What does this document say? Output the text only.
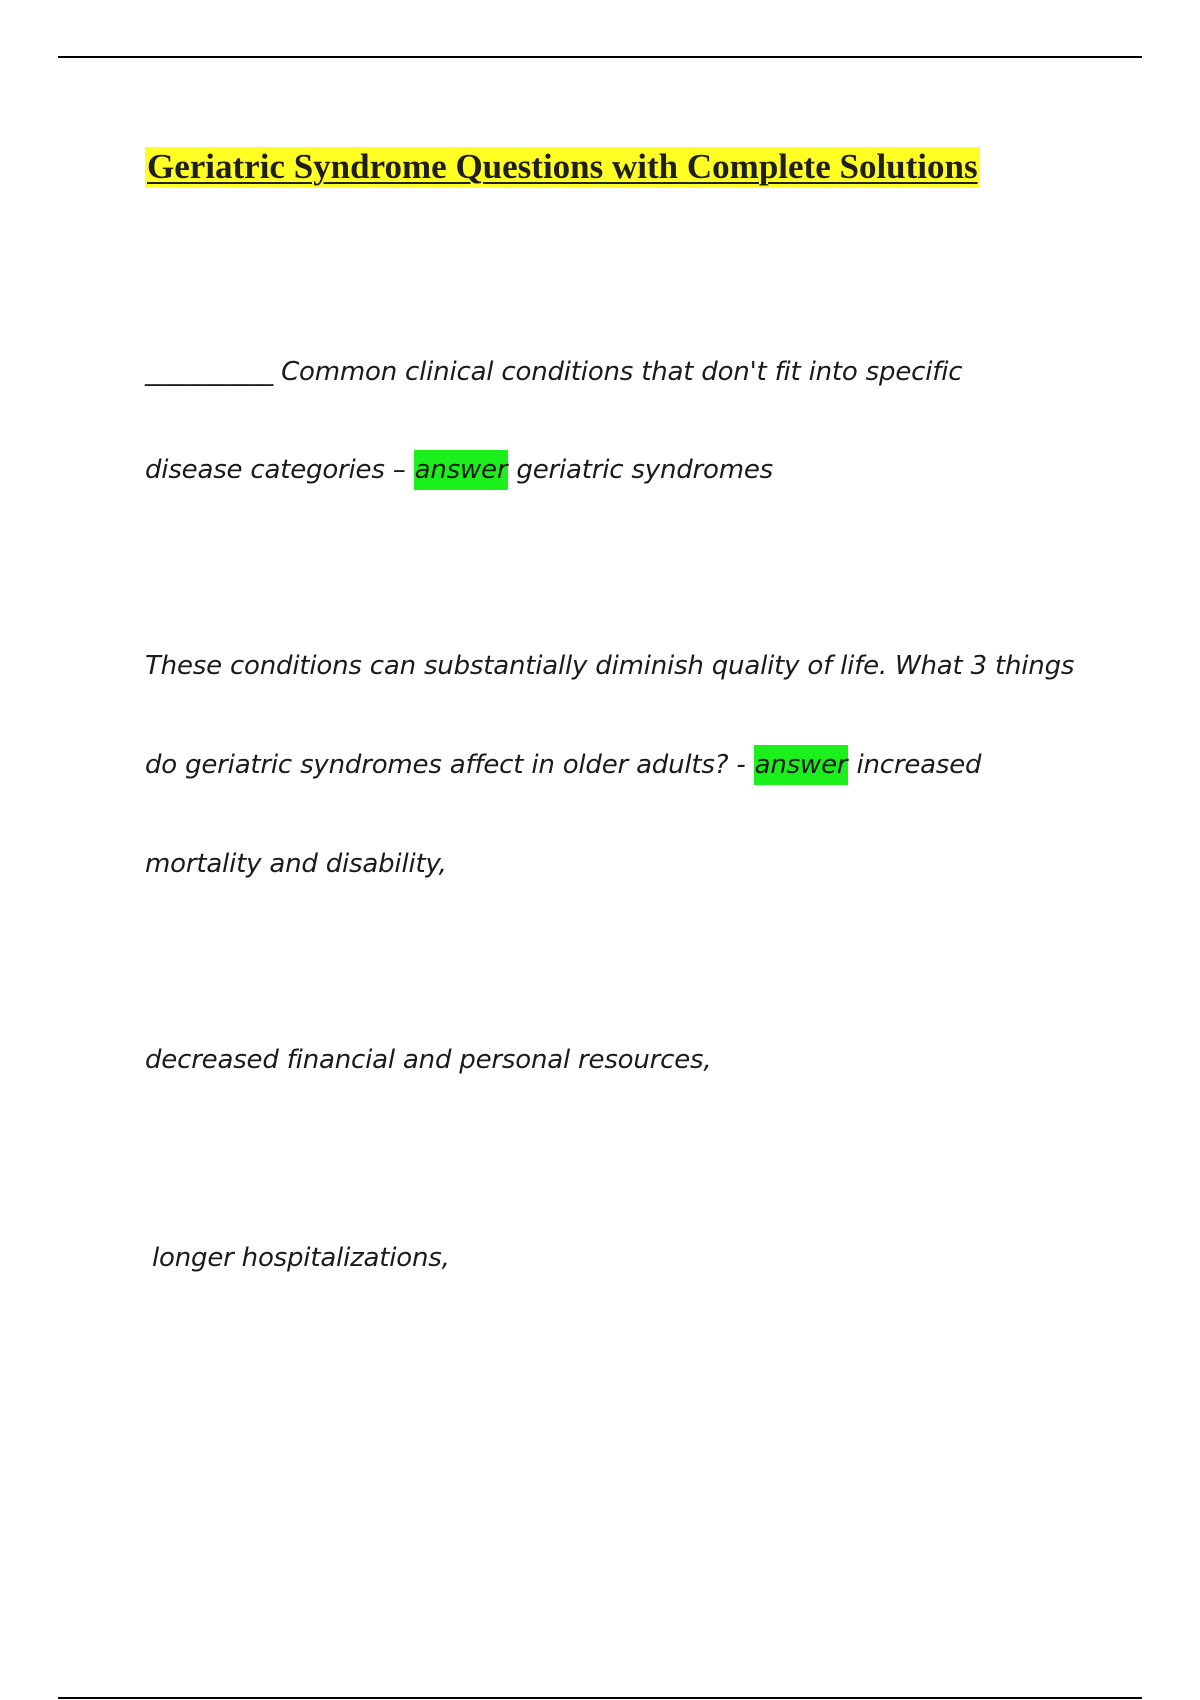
Geriatric Syndrome Questions with Complete Solutions

__________ Common clinical conditions that don't fit into specific

disease categories – answer geriatric syndromes

These conditions can substantially diminish quality of life. What 3 things

do geriatric syndromes affect in older adults? - answer increased

mortality and disability,

decreased financial and personal resources,

longer hospitalizations,
